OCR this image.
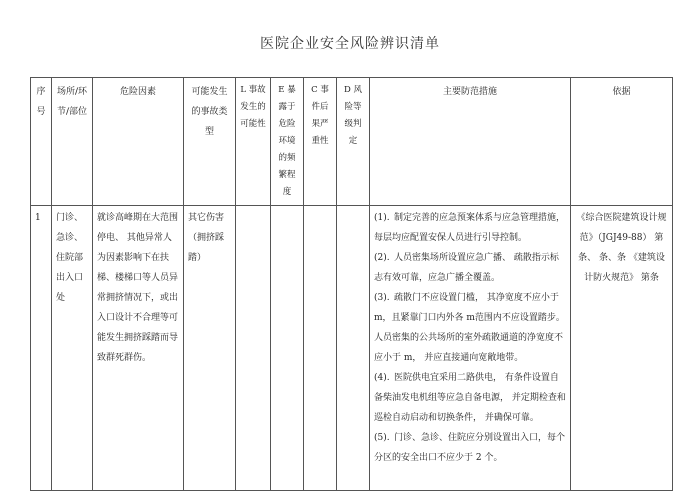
医院企业安全风险辨识清单
序号	场所/环节/部位	危险因素	可能发生的事故类型	L 事故发生的可能性	E 暴露于危险环境的频繁程度	C 事件后果严重性	D 风险等级判定	主要防范措施	依据
1	门诊、急诊、住院部出入口处	就诊高峰期在大范围停电、 其他异常人为因素影响下在扶梯、楼梯口等人员异常拥挤情况下，或出入口设计不合理等可能发生拥挤踩踏而导致群死群伤。	其它伤害（拥挤踩踏）					(1). 制定完善的应急预案体系与应急管理措施， 每层均应配置安保人员进行引导控制。

(2). 人员密集场所设置应急广播、 疏散指示标志有效可靠，应急广播全覆盖。

(3). 疏散门不应设置门槛， 其净宽度不应小于 m，且紧靠门口内外各 m范围内不应设置踏步。 人员密集的公共场所的室外疏散通道的净宽度不应小于 m， 并应直接通向宽敞地带。

(4). 医院供电宜采用二路供电， 有条件设置自备柴油发电机组等应急自备电源， 并定期检查和巡检自动启动和切换条件， 并确保可靠。

(5). 门诊、急诊、住院应分别设置出入口，每个分区的安全出口不应少于 2 个。	《综合医院建筑设计规范》（JGJ49-88） 第条、 条、条 《建筑设计防火规范》 第条
